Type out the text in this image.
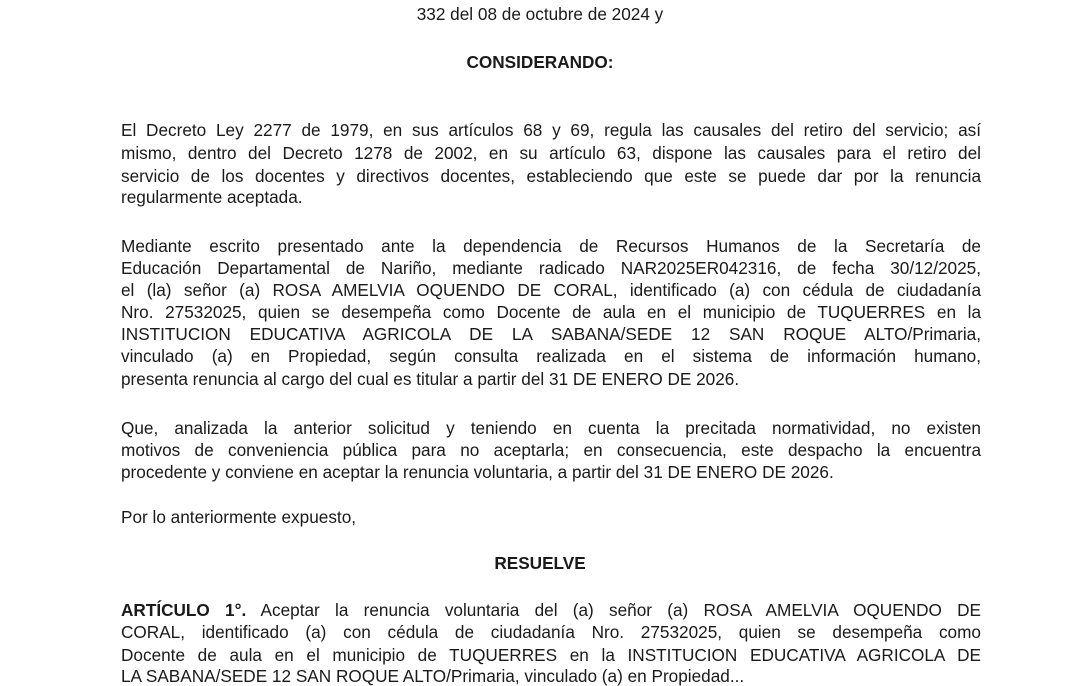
332 del 08 de octubre de 2024 y
CONSIDERANDO:
El Decreto Ley 2277 de 1979, en sus artículos 68 y 69, regula las causales del retiro del servicio; así
mismo, dentro del Decreto 1278 de 2002, en su artículo 63, dispone las causales para el retiro del
servicio de los docentes y directivos docentes, estableciendo que este se puede dar por la renuncia
regularmente aceptada.
Mediante escrito presentado ante la dependencia de Recursos Humanos de la Secretaría de
Educación Departamental de Nariño, mediante radicado NAR2025ER042316, de fecha 30/12/2025,
el (la) señor (a) ROSA AMELVIA OQUENDO DE CORAL, identificado (a) con cédula de ciudadanía
Nro. 27532025, quien se desempeña como Docente de aula en el municipio de TUQUERRES en la
INSTITUCION EDUCATIVA AGRICOLA DE LA SABANA/SEDE 12 SAN ROQUE ALTO/Primaria,
vinculado (a) en Propiedad, según consulta realizada en el sistema de información humano,
presenta renuncia al cargo del cual es titular a partir del 31 DE ENERO DE 2026.
Que, analizada la anterior solicitud y teniendo en cuenta la precitada normatividad, no existen
motivos de conveniencia pública para no aceptarla; en consecuencia, este despacho la encuentra
procedente y conviene en aceptar la renuncia voluntaria, a partir del 31 DE ENERO DE 2026.
Por lo anteriormente expuesto,
RESUELVE
ARTÍCULO 1°. Aceptar la renuncia voluntaria del (a) señor (a) ROSA AMELVIA OQUENDO DE
CORAL, identificado (a) con cédula de ciudadanía Nro. 27532025, quien se desempeña como
Docente de aula en el municipio de TUQUERRES en la INSTITUCION EDUCATIVA AGRICOLA DE
LA SABANA/SEDE 12 SAN ROQUE ALTO/Primaria, vinculado (a) en Propiedad...
